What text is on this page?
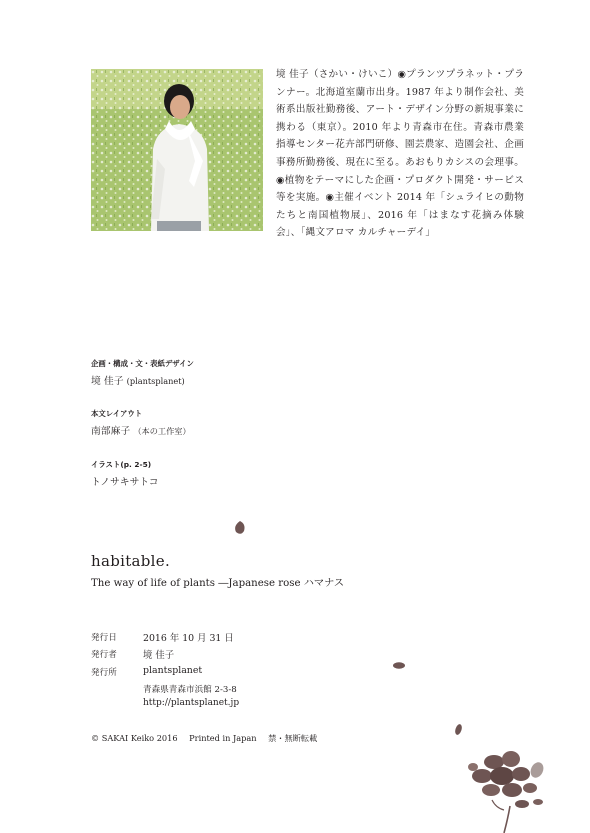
境 佳子（さかい・けいこ）◉プランツプラネット・プランナー。北海道室蘭市出身。1987 年より制作会社、美術系出版社勤務後、アート・デザイン分野の新規事業に携わる（東京）。2010 年より青森市在住。青森市農業指導センター花卉部門研修、園芸農家、造園会社、企画事務所勤務後、現在に至る。あおもりカシスの会理事。◉植物をテーマにした企画・プロダクト開発・サービス等を実施。◉主催イベント 2014 年「シュライヒの動物たちと南国植物展」、2016 年「はまなす花摘み体験会」、「縄文アロマ カルチャーデイ」
企画・構成・文・表紙デザイン
境 佳子 (plantsplanet)
本文レイアウト
南部麻子 （本の工作室）
イラスト(p. 2-5)
トノサキサトコ
habitable.
The way of life of plants ―Japanese rose ハマナス
発行日	2016 年 10 月 31 日
発行者	境 佳子
発行所	plantsplanet
青森県青森市浜館 2-3-8
http://plantsplanet.jp
© SAKAI Keiko 2016 Printed in Japan 禁・無断転載
